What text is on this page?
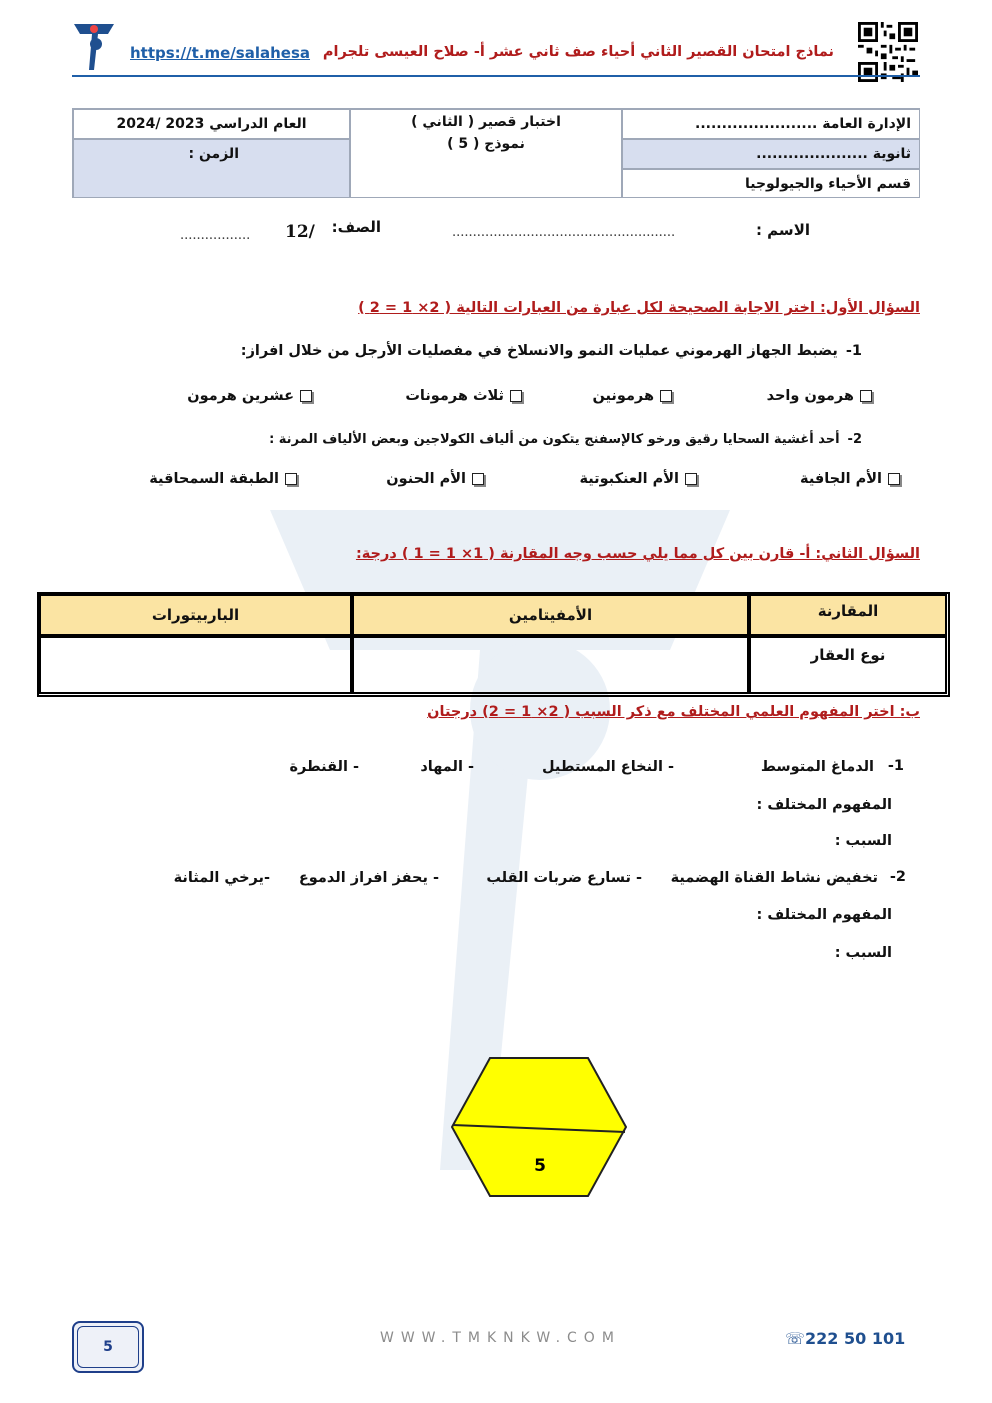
نماذج امتحان القصير الثاني أحياء صف ثاني عشر أ- صلاح العيسى تلجرام
https://t.me/salahesa
الإدارة العامة .......................
ثانوية .....................
قسم الأحياء والجيولوجيا
اختبار قصير ( الثاني )
نموذج ( 5 )
العام الدراسي 2023 /2024
الزمن :
الاسم :
......................................................
الصف:
12/
.................
السؤال الأول: اختر الاجابة الصحيحة لكل عبارة من العبارات التالية ( 2× 1 = 2 )
1-
يضبط الجهاز الهرموني عمليات النمو والانسلاخ في مفصليات الأرجل من خلال افراز:
هرمون واحد
هرمونين
ثلاث هرمونات
عشرين هرمون
2-
أحد أغشية السحايا رقيق ورخو كالإسفنج يتكون من ألياف الكولاجين وبعض الألياف المرنة :
الأم الجافية
الأم العنكبوتية
الأم الحنون
الطبقة السمحاقية
السؤال الثاني: أ- قارن بين كل مما يلي حسب وجه المقارنة ( 1× 1 = 1 ) درجة:
المقارنة
الأمفيتامين
الباربيتورات
نوع العقار
ب: اختر المفهوم العلمي المختلف مع ذكر السبب ( 2× 1 = 2) درجتان
1-
الدماغ المتوسط
- النخاع المستطيل
- المهاد
- القنطرة
المفهوم المختلف :
السبب :
2-
تخفيض نشاط القناة الهضمية
- تسارع ضربات القلب
- يحفز افراز الدموع
-يرخي المثانة
المفهوم المختلف :
السبب :
5
5
WWW.TMKNKW.COM	☏222 50 101
